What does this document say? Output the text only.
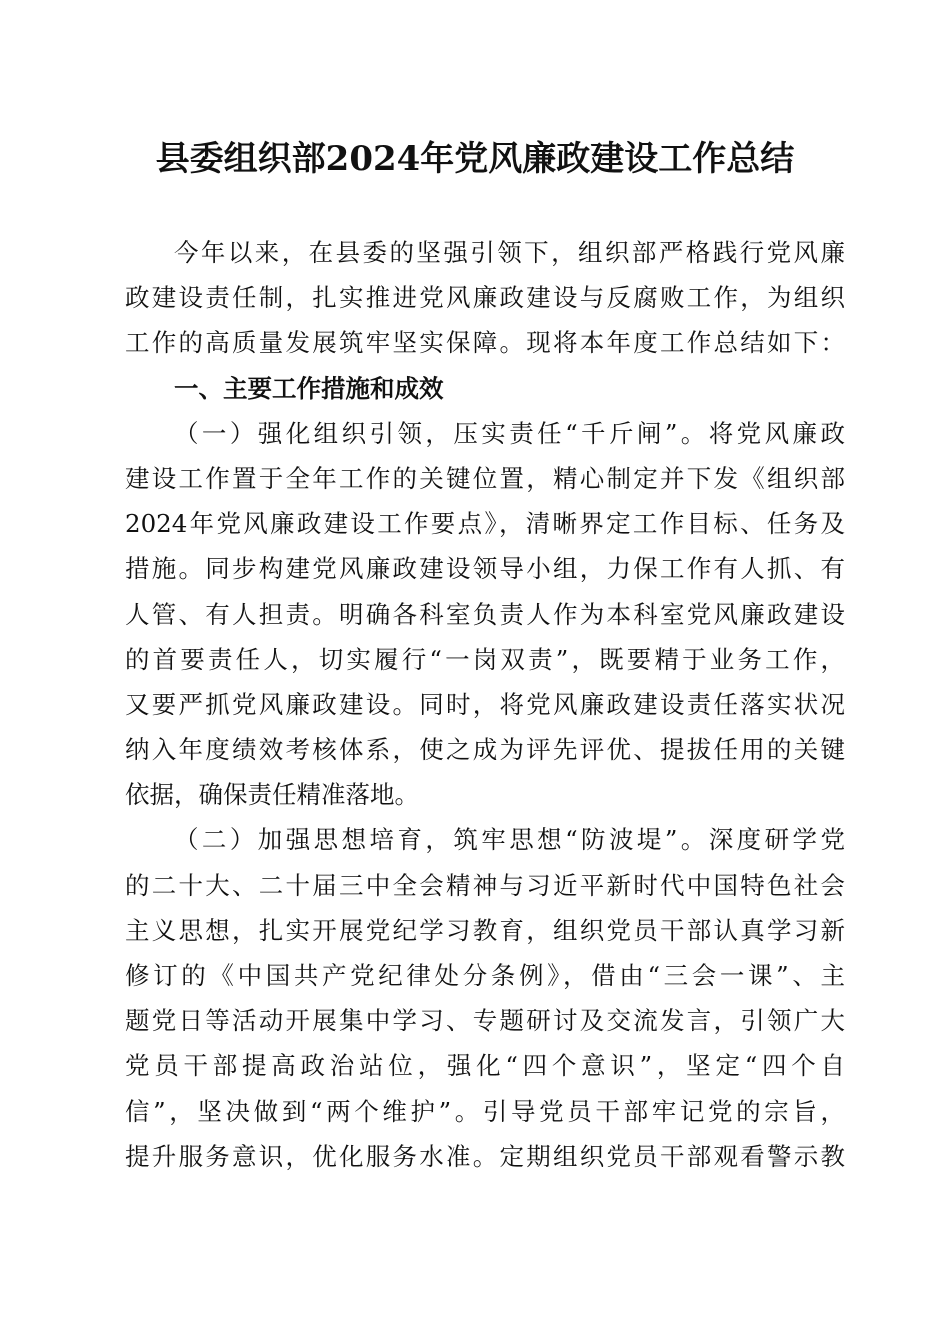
县委组织部2024年党风廉政建设工作总结
今年以来，在县委的坚强引领下，组织部严格践行党风廉
政建设责任制，扎实推进党风廉政建设与反腐败工作，为组织
工作的高质量发展筑牢坚实保障。现将本年度工作总结如下：
一、主要工作措施和成效
（一）强化组织引领，压实责任“千斤闸”。将党风廉政
建设工作置于全年工作的关键位置，精心制定并下发《组织部
2024年党风廉政建设工作要点》，清晰界定工作目标、任务及
措施。同步构建党风廉政建设领导小组，力保工作有人抓、有
人管、有人担责。明确各科室负责人作为本科室党风廉政建设
的首要责任人，切实履行“一岗双责”，既要精于业务工作，
又要严抓党风廉政建设。同时，将党风廉政建设责任落实状况
纳入年度绩效考核体系，使之成为评先评优、提拔任用的关键
依据，确保责任精准落地。
（二）加强思想培育，筑牢思想“防波堤”。深度研学党
的二十大、二十届三中全会精神与习近平新时代中国特色社会
主义思想，扎实开展党纪学习教育，组织党员干部认真学习新
修订的《中国共产党纪律处分条例》，借由“三会一课”、主
题党日等活动开展集中学习、专题研讨及交流发言，引领广大
党员干部提高政治站位，强化“四个意识”，坚定“四个自
信”，坚决做到“两个维护”。引导党员干部牢记党的宗旨，
提升服务意识，优化服务水准。定期组织党员干部观看警示教
